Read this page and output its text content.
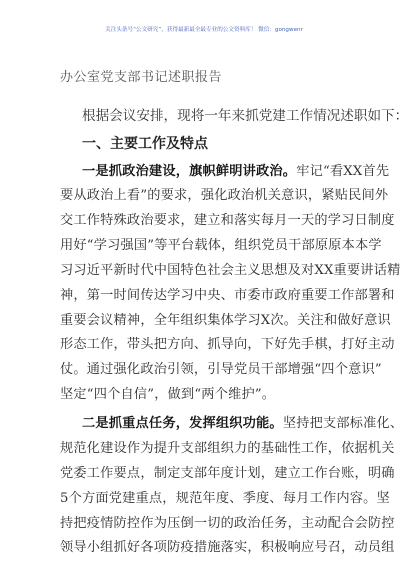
关注头条号“公文研究”，获得最新最全最专业的公文资料库！ 微信：gongwenr
办公室党支部书记述职报告
根据会议安排，现将一年来抓党建工作情况述职如下：
一、主要工作及特点
一是抓政治建设，旗帜鲜明讲政治。牢记“看XX首先
要从政治上看”的要求，强化政治机关意识，紧贴民间外
交工作特殊政治要求，建立和落实每月一天的学习日制度
用好“学习强国”等平台载体，组织党员干部原原本本学
习习近平新时代中国特色社会主义思想及对XX重要讲话精
神，第一时间传达学习中央、市委市政府重要工作部署和
重要会议精神，全年组织集体学习X次。关注和做好意识
形态工作，带头把方向、抓导向，下好先手棋，打好主动
仗。通过强化政治引领，引导党员干部增强“四个意识”
坚定“四个自信”，做到“两个维护”。
二是抓重点任务，发挥组织功能。坚持把支部标准化、
规范化建设作为提升支部组织力的基础性工作，依据机关
党委工作要点，制定支部年度计划，建立工作台账，明确
5个方面党建重点，规范年度、季度、每月工作内容。坚
持把疫情防控作为压倒一切的政治任务，主动配合会防控
领导小组抓好各项防疫措施落实，积极响应号召，动员组
